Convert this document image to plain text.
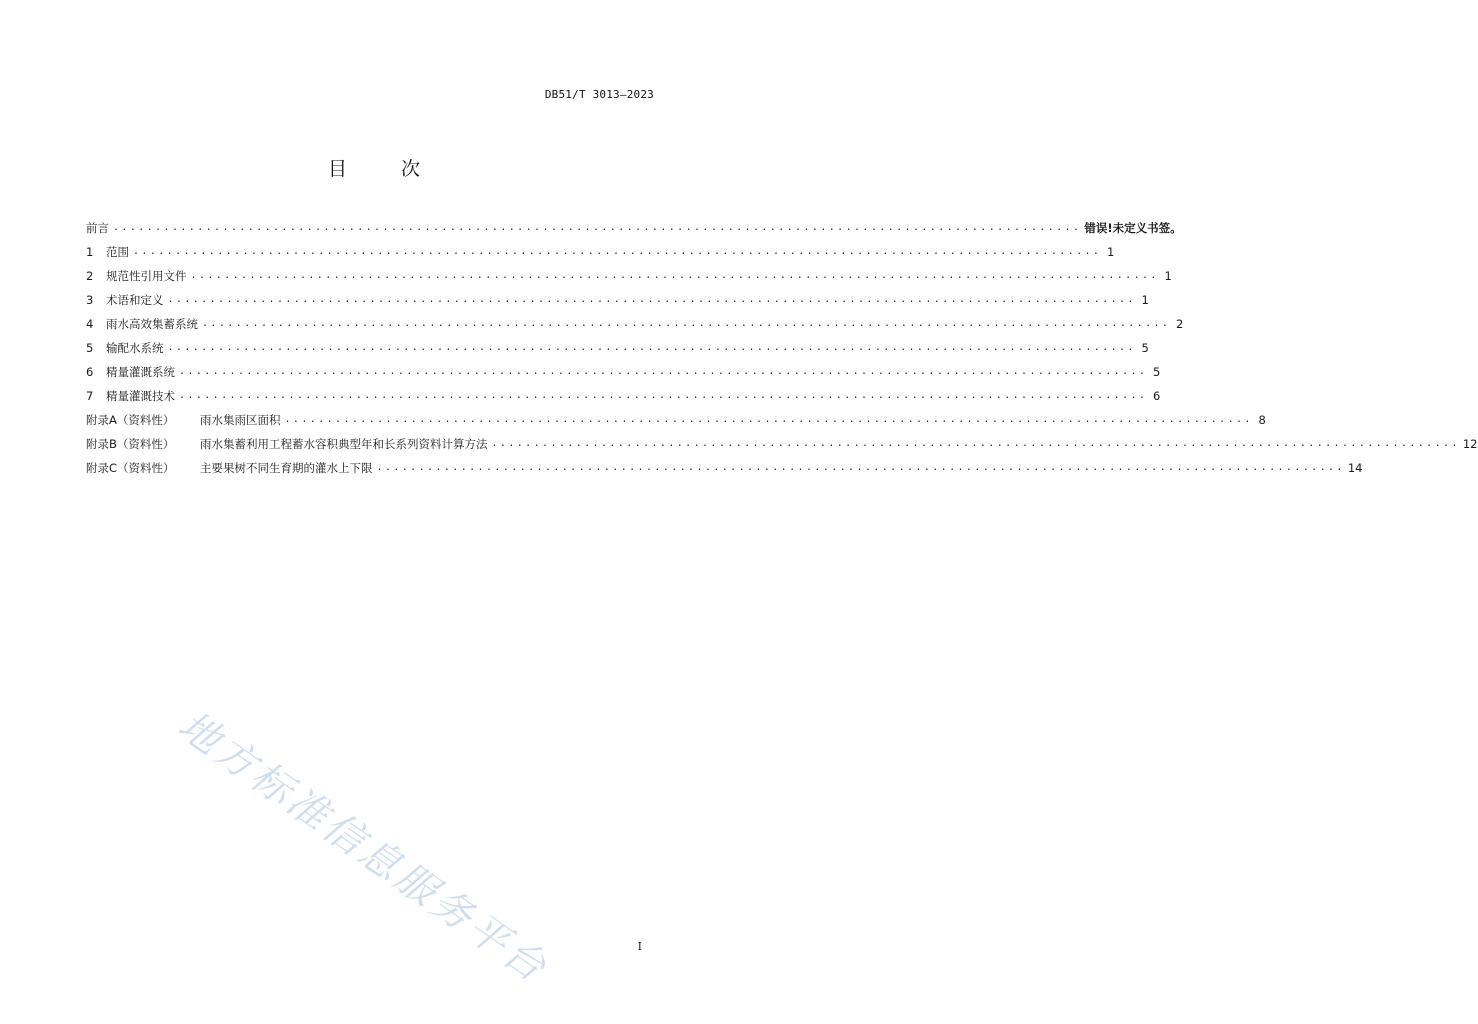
DB51/T 3013—2023
目 次
前言 ................................................................................................................... 错误!未定义书签。
1	范围 ................................................................................................................... 1
2	规范性引用文件 ................................................................................................................... 1
3	术语和定义 ................................................................................................................... 1
4	雨水高效集蓄系统 ................................................................................................................... 2
5	输配水系统 ................................................................................................................... 5
6	精量灌溉系统 ................................................................................................................... 5
7	精量灌溉技术 ................................................................................................................... 6
附录A（资料性）	雨水集雨区面积 ................................................................................................................... 8
附录B（资料性）	雨水集蓄利用工程蓄水容积典型年和长系列资料计算方法 ................................................................................................................... 12
附录C（资料性）	主要果树不同生育期的灌水上下限 ................................................................................................................... 14
地方标准信息服务平台	I
